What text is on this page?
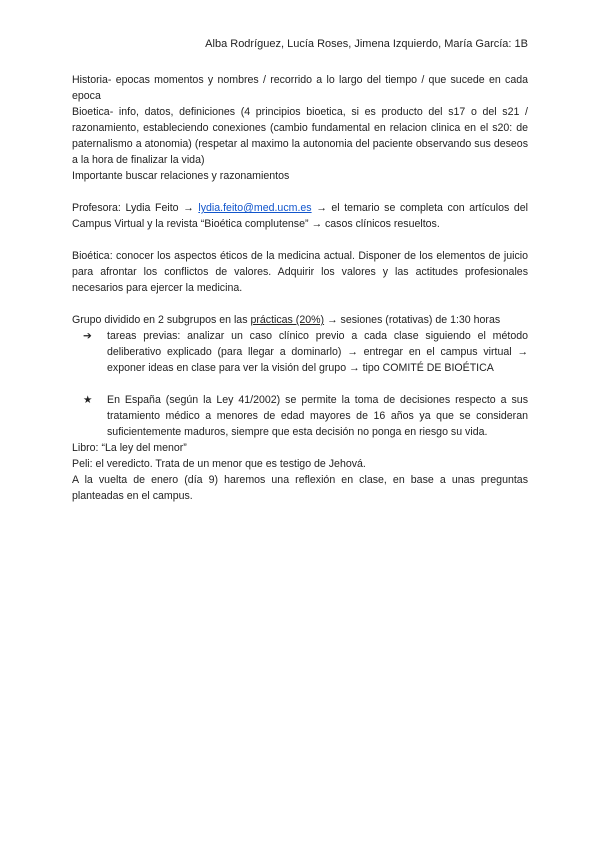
Alba Rodríguez, Lucía Roses, Jimena Izquierdo, María García: 1B

Historia- epocas momentos y nombres / recorrido a lo largo del tiempo / que sucede en cada epoca

Bioetica- info, datos, definiciones (4 principios bioetica, si es producto del s17 o del s21 / razonamiento, estableciendo conexiones (cambio fundamental en relacion clinica en el s20: de paternalismo a atonomia) (respetar al maximo la autonomia del paciente observando sus deseos a la hora de finalizar la vida)

Importante buscar relaciones y razonamientos

Profesora: Lydia Feito → lydia.feito@med.ucm.es → el temario se completa con artículos del Campus Virtual y la revista “Bioética complutense” → casos clínicos resueltos.

Bioética: conocer los aspectos éticos de la medicina actual. Disponer de los elementos de juicio para afrontar los conflictos de valores. Adquirir los valores y las actitudes profesionales necesarios para ejercer la medicina.

Grupo dividido en 2 subgrupos en las prácticas (20%) → sesiones (rotativas) de 1:30 horas

➔	tareas previas: analizar un caso clínico previo a cada clase siguiendo el método deliberativo explicado (para llegar a dominarlo) → entregar en el campus virtual → exponer ideas en clase para ver la visión del grupo → tipo COMITÉ DE BIOÉTICA
★	En España (según la Ley 41/2002) se permite la toma de decisiones respecto a sus tratamiento médico a menores de edad mayores de 16 años ya que se consideran suficientemente maduros, siempre que esta decisión no ponga en riesgo su vida.

Libro: “La ley del menor”

Peli: el veredicto. Trata de un menor que es testigo de Jehová.

A la vuelta de enero (día 9) haremos una reflexión en clase, en base a unas preguntas planteadas en el campus.
